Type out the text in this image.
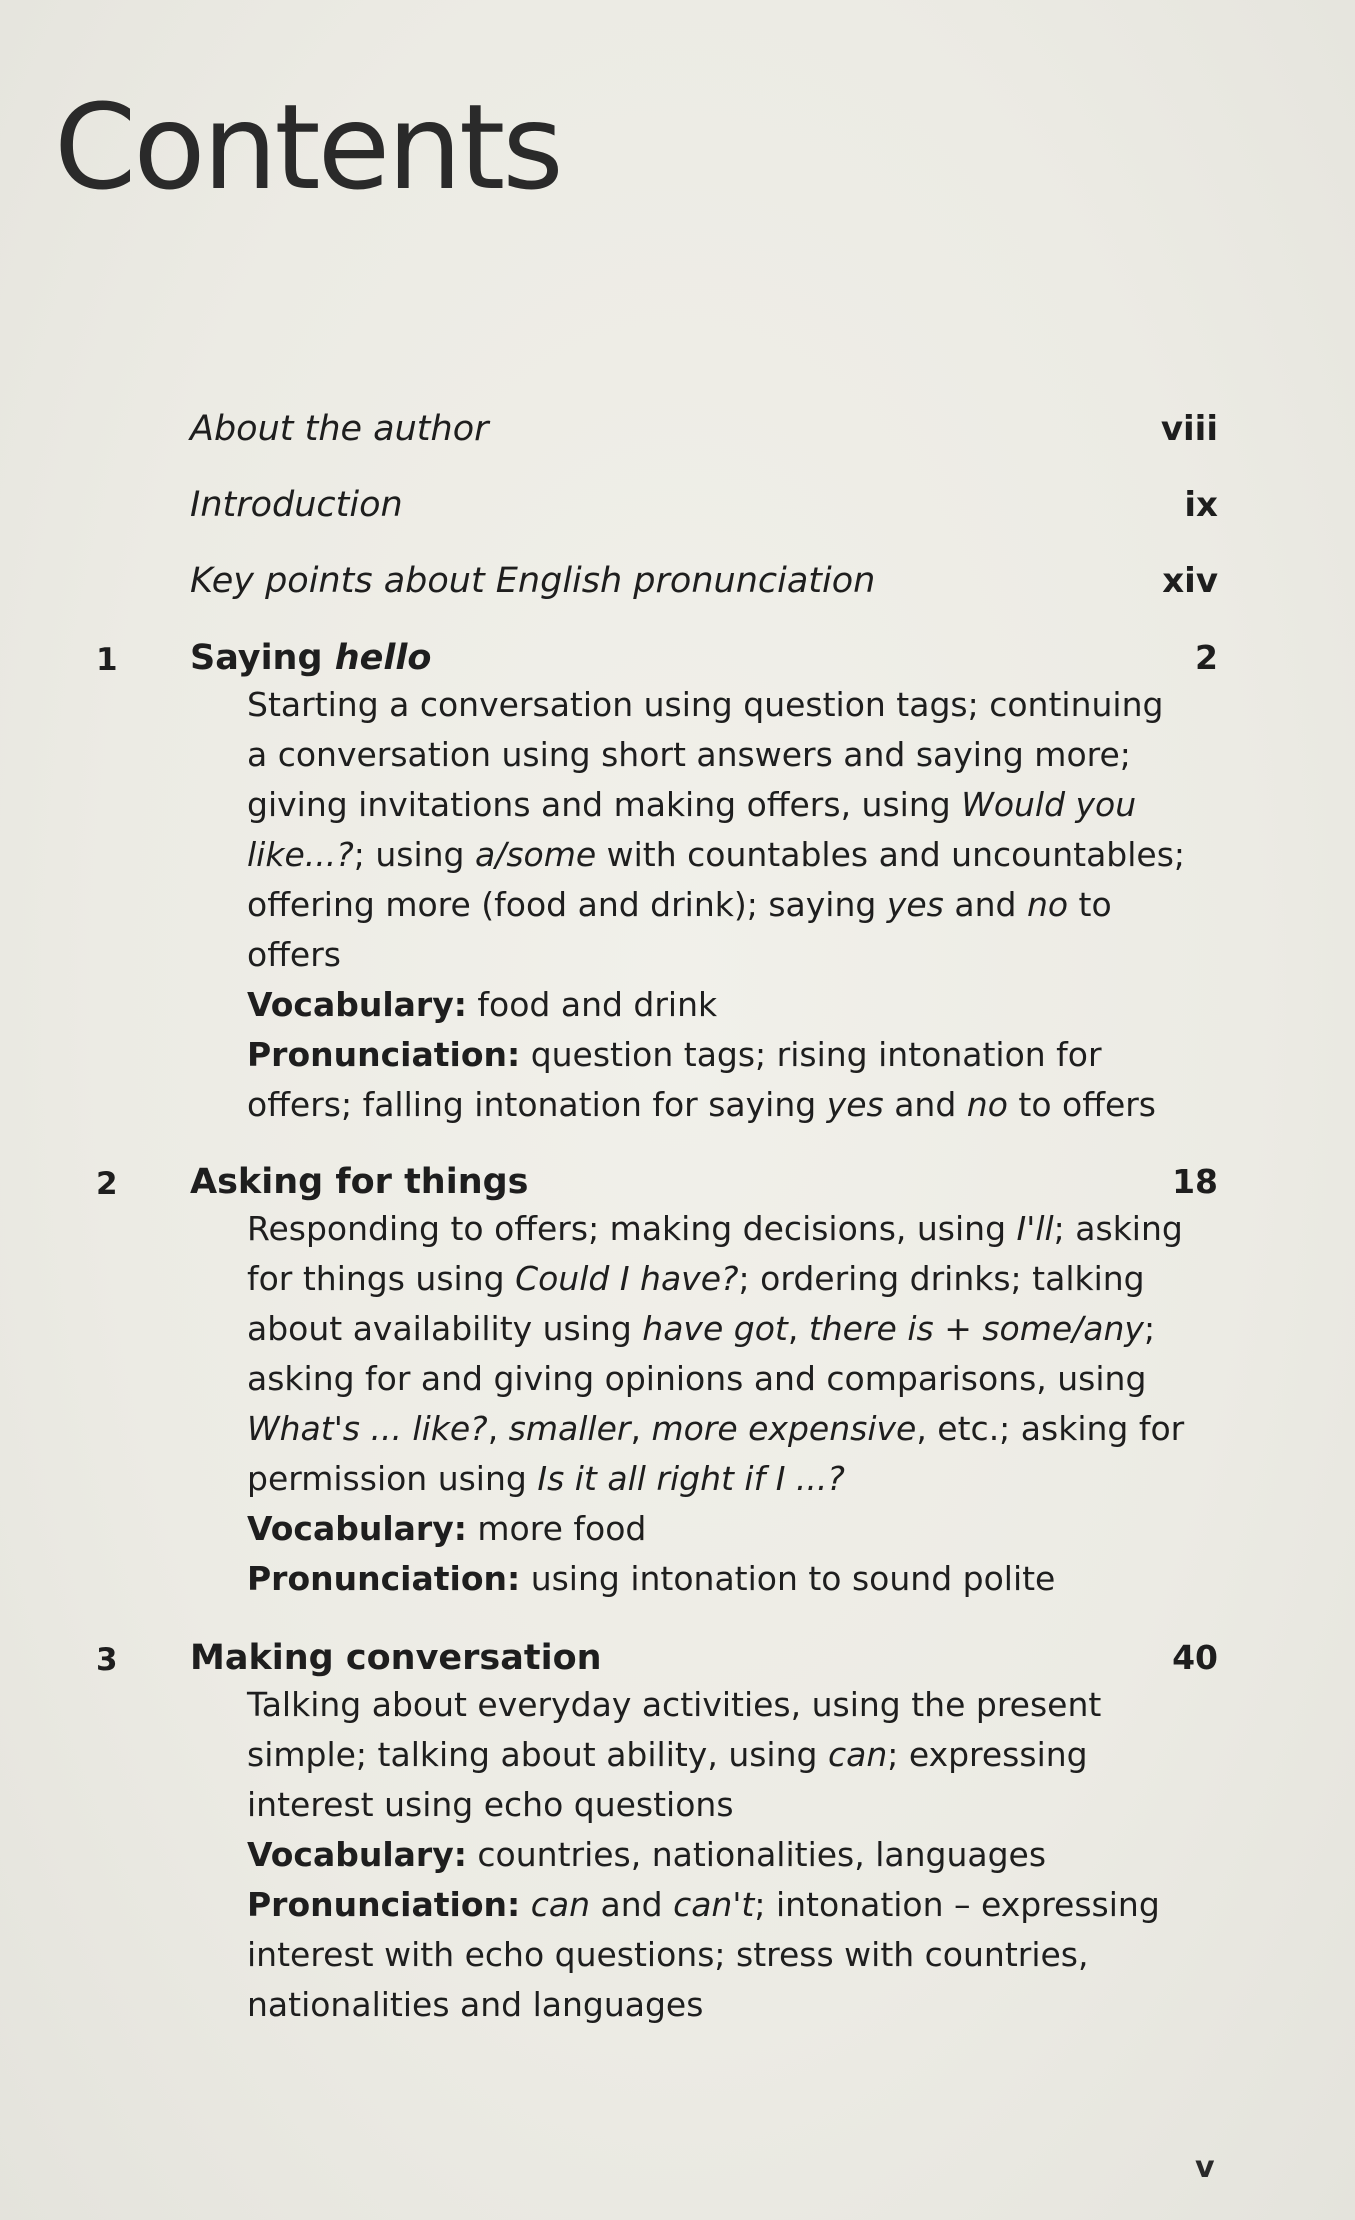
Contents
About the author	viii
Introduction	ix
Key points about English pronunciation	xiv
1 Saying hello	2

Starting a conversation using question tags; continuing a conversation using short answers and saying more; giving invitations and making offers, using Would you like...?; using a/some with countables and uncountables; offering more (food and drink); saying yes and no to offers

Vocabulary: food and drink

Pronunciation: question tags; rising intonation for offers; falling intonation for saying yes and no to offers

2 Asking for things	18

Responding to offers; making decisions, using I'll; asking for things using Could I have?; ordering drinks; talking about availability using have got, there is + some/any; asking for and giving opinions and comparisons, using What's ... like?, smaller, more expensive, etc.; asking for permission using Is it all right if I ...?

Vocabulary: more food

Pronunciation: using intonation to sound polite

3 Making conversation	40

Talking about everyday activities, using the present simple; talking about ability, using can; expressing interest using echo questions

Vocabulary: countries, nationalities, languages

Pronunciation: can and can't; intonation – expressing interest with echo questions; stress with countries, nationalities and languages

v
